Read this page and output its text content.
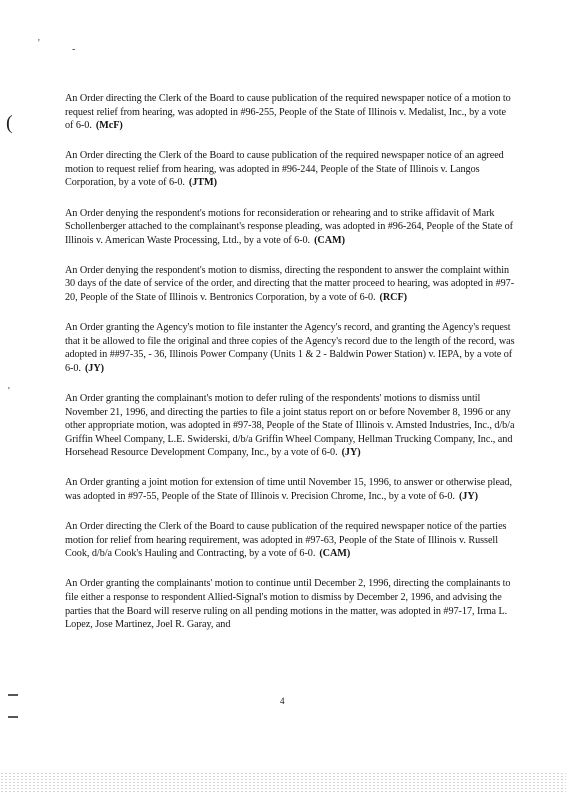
'
-
(
'

An Order directing the Clerk of the Board to cause publication of the required newspaper notice of a motion to request relief from hearing, was adopted in #96-255, People of the State of Illinois v. Medalist, Inc., by a vote of 6-0. (McF)

An Order directing the Clerk of the Board to cause publication of the required newspaper notice of an agreed motion to request relief from hearing, was adopted in #96-244, People of the State of Illinois v. Langos Corporation, by a vote of 6-0. (JTM)

An Order denying the respondent's motions for reconsideration or rehearing and to strike affidavit of Mark Schollenberger attached to the complainant's response pleading, was adopted in #96-264, People of the State of Illinois v. American Waste Processing, Ltd., by a vote of 6-0. (CAM)

An Order denying the respondent's motion to dismiss, directing the respondent to answer the complaint within 30 days of the date of service of the order, and directing that the matter proceed to hearing, was adopted in #97-20, People of the State of Illinois v. Bentronics Corporation, by a vote of 6-0. (RCF)

An Order granting the Agency's motion to file instanter the Agency's record, and granting the Agency's request that it be allowed to file the original and three copies of the Agency's record due to the length of the record, was adopted in ##97-35, - 36, Illinois Power Company (Units 1 & 2 - Baldwin Power Station) v. IEPA, by a vote of 6-0. (JY)

An Order granting the complainant's motion to defer ruling of the respondents' motions to dismiss until November 21, 1996, and directing the parties to file a joint status report on or before November 8, 1996 or any other appropriate motion, was adopted in #97-38, People of the State of Illinois v. Amsted Industries, Inc., d/b/a Griffin Wheel Company, L.E. Swiderski, d/b/a Griffin Wheel Company, Hellman Trucking Company, Inc., and Horsehead Resource Development Company, Inc., by a vote of 6-0. (JY)

An Order granting a joint motion for extension of time until November 15, 1996, to answer or otherwise plead, was adopted in #97-55, People of the State of Illinois v. Precision Chrome, Inc., by a vote of 6-0. (JY)

An Order directing the Clerk of the Board to cause publication of the required newspaper notice of the parties motion for relief from hearing requirement, was adopted in #97-63, People of the State of Illinois v. Russell Cook, d/b/a Cook's Hauling and Contracting, by a vote of 6-0. (CAM)

An Order granting the complainants' motion to continue until December 2, 1996, directing the complainants to file either a response to respondent Allied-Signal's motion to dismiss by December 2, 1996, and advising the parties that the Board will reserve ruling on all pending motions in the matter, was adopted in #97-17, Irma L. Lopez, Jose Martinez, Joel R. Garay, and

4
